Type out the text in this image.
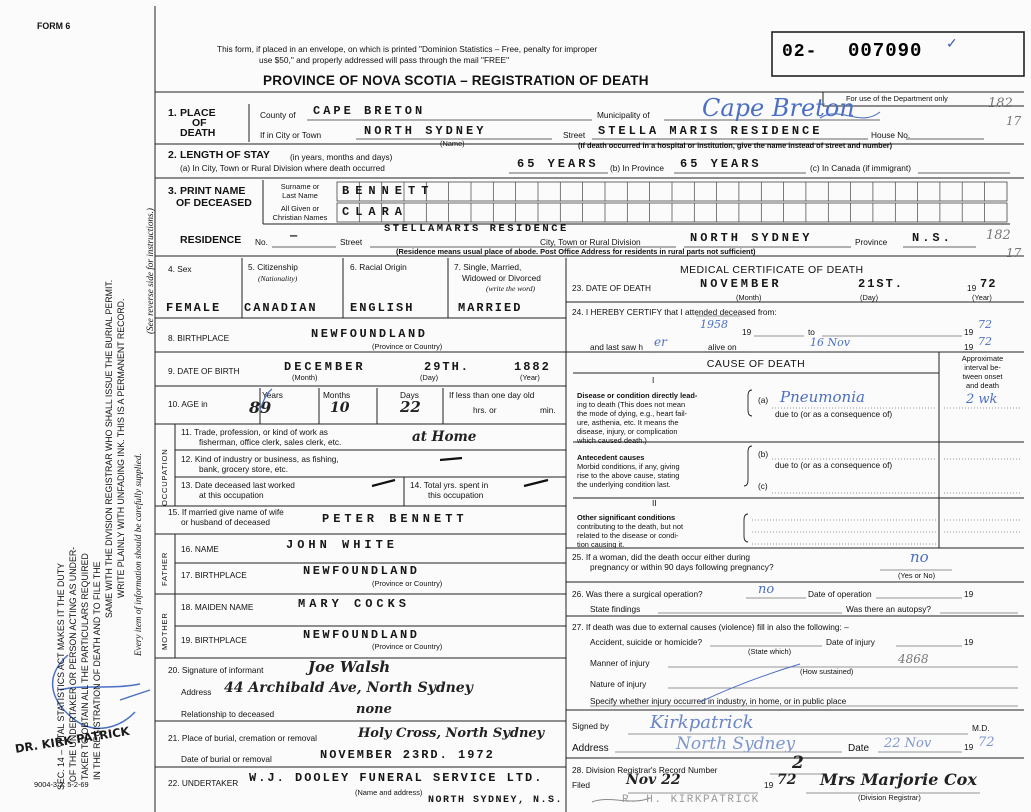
FORM 6
02- 007090 ✓
This form, if placed in an envelope, on which is printed "Dominion Statistics – Free, penalty for improper
use $50," and properly addressed will pass through the mail "FREE"
PROVINCE OF NOVA SCOTIA – REGISTRATION OF DEATH
For use of the Department only
SEC. 14 – VITAL STATISTICS ACT MAKES IT THE DUTY OF THE UNDERTAKER OR PERSON ACTING AS UNDER- TAKER TO OBTAIN ALL THE PARTICULARS REQUIRED IN THE REGISTRATION OF DEATH AND TO FILE THE
SAME WITH THE DIVISION REGISTRAR WHO SHALL ISSUE THE BURIAL PERMIT. WRITE PLAINLY WITH UNFADING INK. THIS IS A PERMANENT RECORD. Every item of information should be carefully supplied.
(See reverse side for instructions.)
DR. KIRK PATRICK
9004-3.2: 5-2-69
1. PLACE
OF
DEATH
County of CAPE BRETON	Municipality of Cape Breton
If in City or Town	NORTH SYDNEY
(Name)
Street STELLA MARIS RESIDENCE	House No.
(If death occurred in a hospital or institution, give the name instead of street and number)
2. LENGTH OF STAY (in years, months and days)
(a) In City, Town or Rural Division where death occurred	65 YEARS (b) In Province 65 YEARS	(c) In Canada (if immigrant)
3. PRINT NAME
OF DECEASED
Surname or
Last Name
All Given or
Christian Names
BENNETT
CLARA
RESIDENCE No. —	Street
STELLAMARIS RESIDENCE
City, Town or Rural Division	NORTH SYDNEY	Province N.S.
(Residence means usual place of abode. Post Office Address for residents in rural parts not sufficient)
4. Sex
FEMALE
5. Citizenship
(Nationality)
CANADIAN
6. Racial Origin
ENGLISH
7. Single, Married,
Widowed or Divorced
(write the word)
MARRIED
8. BIRTHPLACE	NEWFOUNDLAND
(Province or Country)
9. DATE OF BIRTH	DECEMBER	29TH.	1882
(Month)	(Day)	(Year)
10. AGE in
Years	Months	Days
89	10	22
If less than one day old
hrs. or	min.
OCCUPATION
11. Trade, profession, or kind of work as
fisherman, office clerk, sales clerk, etc.	at Home
12. Kind of industry or business, as fishing,
bank, grocery store, etc.
13. Date deceased last worked
at this occupation
14. Total yrs. spent in
this occupation
15. If married give name of wife
or husband of deceased	PETER BENNETT
FATHER
16. NAME	JOHN WHITE
17. BIRTHPLACE	NEWFOUNDLAND
(Province or Country)
MOTHER
18. MAIDEN NAME	MARY COCKS
19. BIRTHPLACE	NEWFOUNDLAND
(Province or Country)
20. Signature of informant	Joe Walsh
Address 44 Archibald Ave, North Sydney
Relationship to deceased	none
21. Place of burial, cremation or removal	Holy Cross, North Sydney
Date of burial or removal	NOVEMBER 23RD. 1972
22. UNDERTAKER W.J. DOOLEY FUNERAL SERVICE LTD.
NORTH SYDNEY, N.S.
(Name and address)
MEDICAL CERTIFICATE OF DEATH
23. DATE OF DEATH	NOVEMBER	21ST.	19 72
(Month)	(Day)	(Year)
24. I HEREBY CERTIFY that I attended deceased from:
1958
19	to	19
72
and last saw h er	alive on	16 Nov	19 72
Approximate
interval be-
tween onset
and death
CAUSE OF DEATH
I
II
Disease or condition directly lead-
ing to death (This does not mean
the mode of dying, e.g., heart fail-
ure, asthenia, etc. It means the
disease, injury, or complication
which caused death.)
(a) Pneumonia	2 wk
due to (or as a consequence of)
Antecedent causes
Morbid conditions, if any, giving
rise to the above cause, stating
the underlying condition last.
(b)
due to (or as a consequence of)
(c)
Other significant conditions
contributing to the death, but not
related to the disease or condi-
tion causing it.
25. If a woman, did the death occur either during
pregnancy or within 90 days following pregnancy?
no
(Yes or No)
26. Was there a surgical operation?	no	Date of operation	19
State findings	Was there an autopsy?
27. If death was due to external causes (violence) fill in also the following: –
Accident, suicide or homicide?	Date of injury	19
(State which)
Manner of injury
(How sustained)
Nature of injury
Specify whether injury occurred in industry, in home, or in public place
4868
Signed by Kirkpatrick	M.D.
Address	North Sydney	Date 22 Nov	19 72
28. Division Registrar's Record Number	2
Filed	Nov 22	19 72 Mrs Marjorie Cox
(Division Registrar)
R. H. KIRKPATRICK
182
17
182
17
